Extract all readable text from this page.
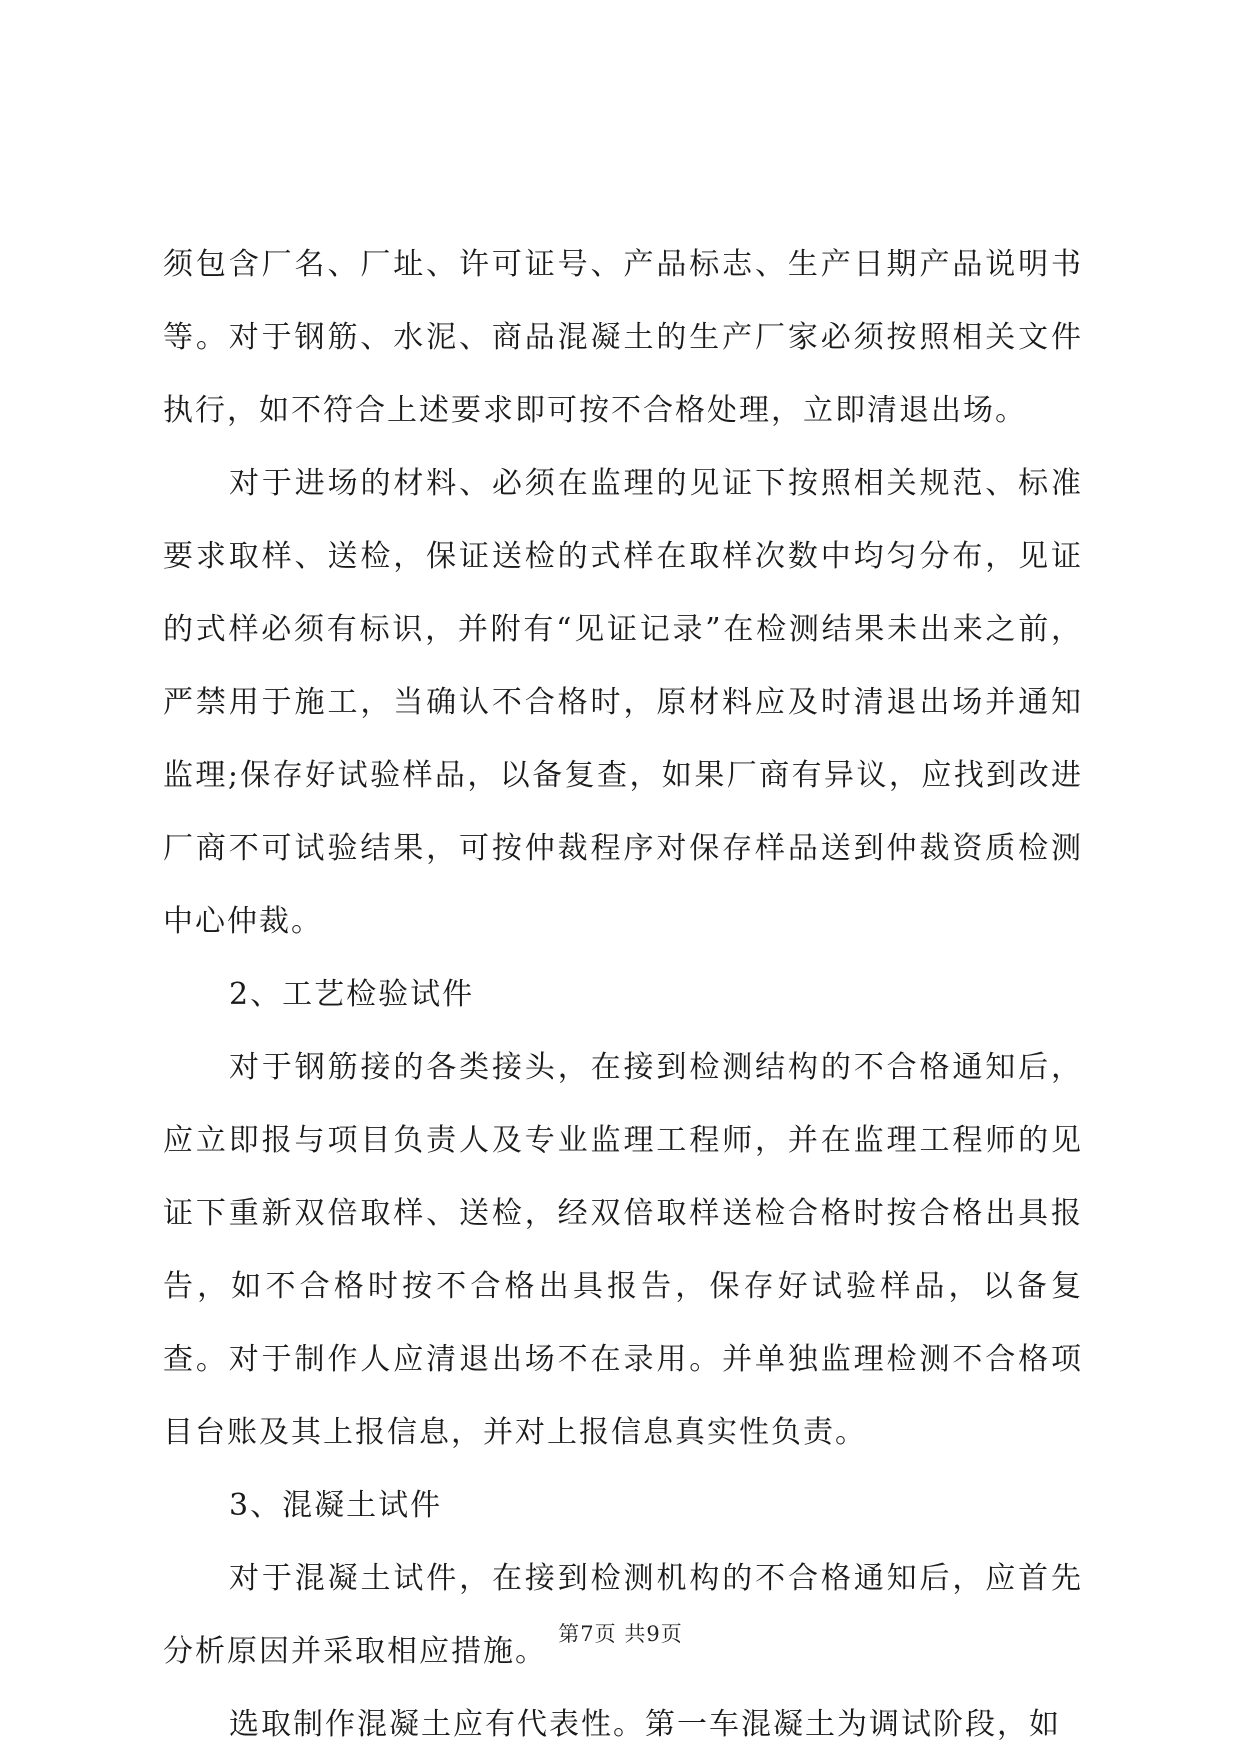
须包含厂名、厂址、许可证号、产品标志、生产日期产品说明书等。对于钢筋、水泥、商品混凝土的生产厂家必须按照相关文件执行，如不符合上述要求即可按不合格处理，立即清退出场。

对于进场的材料、必须在监理的见证下按照相关规范、标准要求取样、送检，保证送检的式样在取样次数中均匀分布，见证的式样必须有标识，并附有“见证记录”在检测结果未出来之前，严禁用于施工，当确认不合格时，原材料应及时清退出场并通知监理;保存好试验样品，以备复查，如果厂商有异议，应找到改进厂商不可试验结果，可按仲裁程序对保存样品送到仲裁资质检测中心仲裁。

2、工艺检验试件

对于钢筋接的各类接头，在接到检测结构的不合格通知后，应立即报与项目负责人及专业监理工程师，并在监理工程师的见证下重新双倍取样、送检，经双倍取样送检合格时按合格出具报告，如不合格时按不合格出具报告，保存好试验样品，以备复查。对于制作人应清退出场不在录用。并单独监理检测不合格项目台账及其上报信息，并对上报信息真实性负责。

3、混凝土试件

对于混凝土试件，在接到检测机构的不合格通知后，应首先分析原因并采取相应措施。

选取制作混凝土应有代表性。第一车混凝土为调试阶段，如

第7页 共9页
